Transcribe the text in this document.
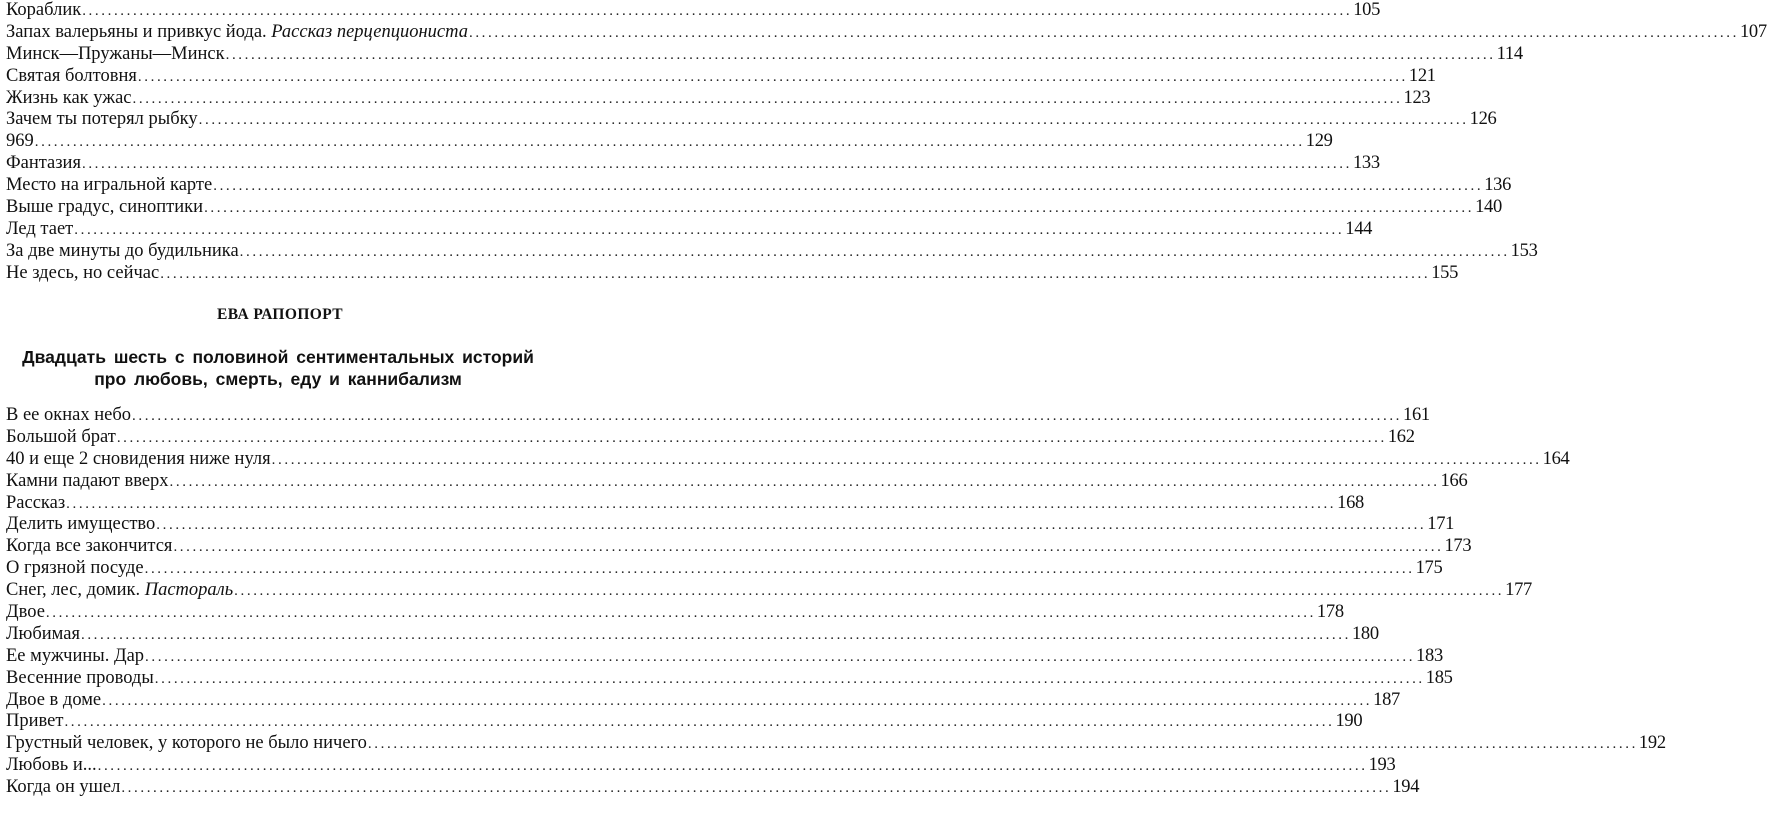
Кораблик ........................................................................................................................................................................................................ 105
Запах валерьяны и привкус йода. Рассказ перцепциониста ........................................................................................................................................................................................................ 107
Минск—Пружаны—Минск ........................................................................................................................................................................................................ 114
Святая болтовня ........................................................................................................................................................................................................ 121
Жизнь как ужас ........................................................................................................................................................................................................ 123
Зачем ты потерял рыбку ........................................................................................................................................................................................................ 126
969 ........................................................................................................................................................................................................ 129
Фантазия ........................................................................................................................................................................................................ 133
Место на игральной карте ........................................................................................................................................................................................................ 136
Выше градус, синоптики ........................................................................................................................................................................................................ 140
Лед тает ........................................................................................................................................................................................................ 144
За две минуты до будильника ........................................................................................................................................................................................................ 153
Не здесь, но сейчас ........................................................................................................................................................................................................ 155
ЕВА РАПОПОРТ
Двадцать шесть с половиной сентиментальных историй про любовь, смерть, еду и каннибализм
В ее окнах небо ........................................................................................................................................................................................................ 161
Большой брат ........................................................................................................................................................................................................ 162
40 и еще 2 сновидения ниже нуля ........................................................................................................................................................................................................ 164
Камни падают вверх ........................................................................................................................................................................................................ 166
Рассказ ........................................................................................................................................................................................................ 168
Делить имущество ........................................................................................................................................................................................................ 171
Когда все закончится ........................................................................................................................................................................................................ 173
О грязной посуде ........................................................................................................................................................................................................ 175
Снег, лес, домик. Пастораль ........................................................................................................................................................................................................ 177
Двое ........................................................................................................................................................................................................ 178
Любимая ........................................................................................................................................................................................................ 180
Ее мужчины. Дар ........................................................................................................................................................................................................ 183
Весенние проводы ........................................................................................................................................................................................................ 185
Двое в доме ........................................................................................................................................................................................................ 187
Привет ........................................................................................................................................................................................................ 190
Грустный человек, у которого не было ничего ........................................................................................................................................................................................................ 192
Любовь и... ........................................................................................................................................................................................................ 193
Когда он ушел ........................................................................................................................................................................................................ 194
